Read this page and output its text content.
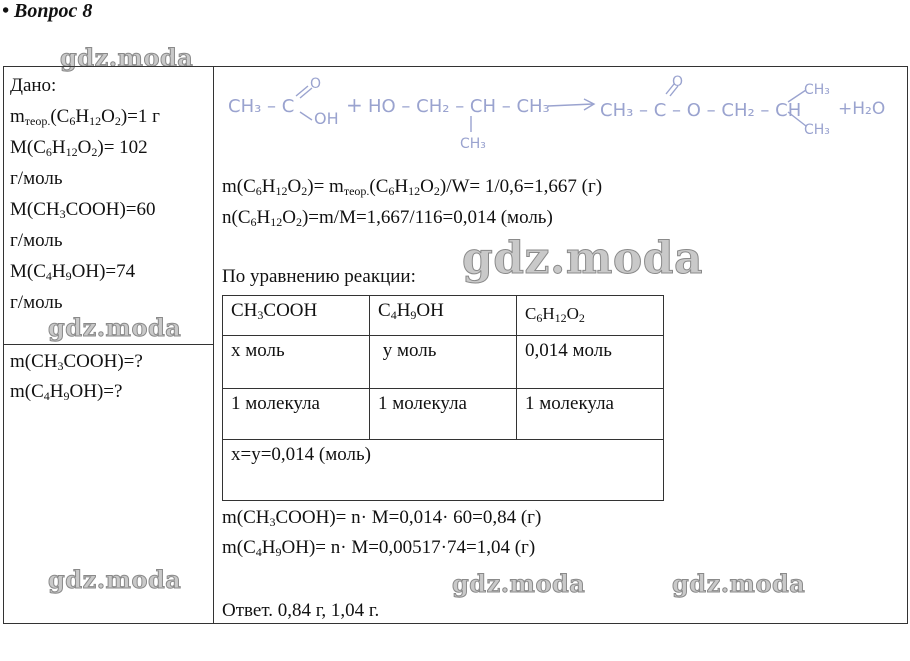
• Вопрос 8
gdz.moda
gdz.moda
gdz.moda
gdz.moda
gdz.moda	gdz.moda
Дано:
$m_{теор.}(C_6H_{12}O_2)=1$ г
$M(C_6H_{12}O_2)= 102$
г/моль
$M(CH_3COOH)=60$
г/моль
$M(C_4H_9OH)=74$
г/моль
$m(CH_3COOH)=$?
$m(C_4H_9OH)=$?
CH₃ – C
O
OH
+ HO – CH₂ – CH – CH₃
CH₃
CH₃ – C – O – CH₂ – CH
O	CH₃
CH₃
+H₂O
$m(C_6H_{12}O_2)= m_{теор.}(C_6H_{12}O_2)/W= 1/0,6=1,667$ (г)
$n(C_6H_{12}O_2)=m/M=1,667/116=0,014$ (моль)
По уравнению реакции:
$CH_3COOH$	$C_4H_9OH$	$C_6H_{12}O_2$
x моль	y моль	0,014 моль
1 молекула	1 молекула	1 молекула
x=y=0,014 (моль)		
$m(CH_3COOH)= n\cdot M=0,014\cdot 60=0,84$ (г)
$m(C_4H_9OH)= n\cdot M=0,00517\cdot 74=1,04$ (г)
Ответ. 0,84 г, 1,04 г.
